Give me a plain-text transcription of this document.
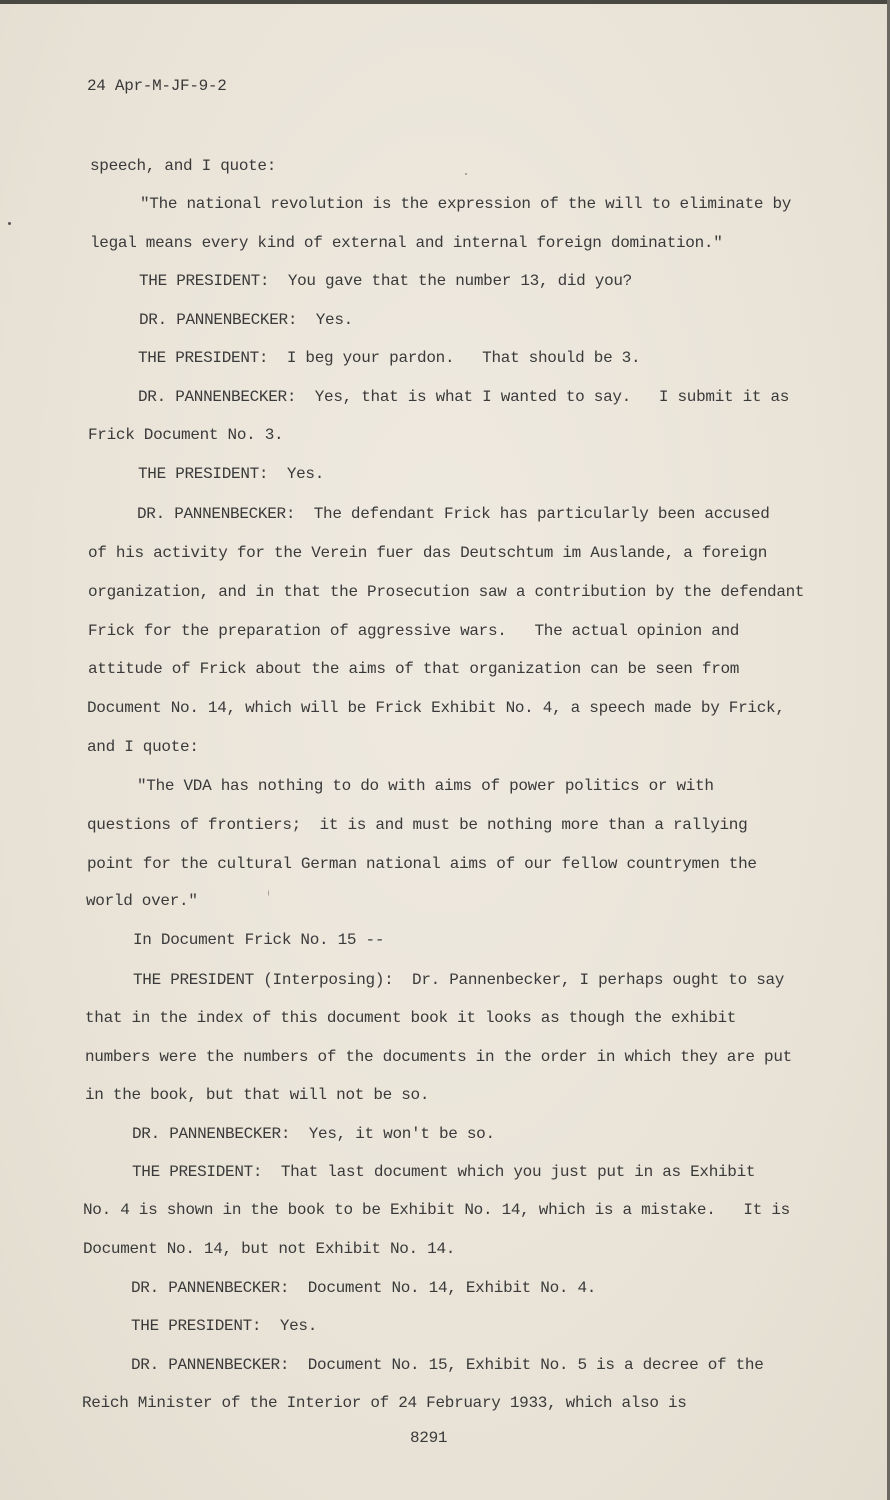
24 Apr-M-JF-9-2
speech, and I quote:
"The national revolution is the expression of the will to eliminate by
legal means every kind of external and internal foreign domination."
THE PRESIDENT:  You gave that the number 13, did you?
DR. PANNENBECKER:  Yes.
THE PRESIDENT:  I beg your pardon.   That should be 3.
DR. PANNENBECKER:  Yes, that is what I wanted to say.   I submit it as
Frick Document No. 3.
THE PRESIDENT:  Yes.
DR. PANNENBECKER:  The defendant Frick has particularly been accused
of his activity for the Verein fuer das Deutschtum im Auslande, a foreign
organization, and in that the Prosecution saw a contribution by the defendant
Frick for the preparation of aggressive wars.   The actual opinion and
attitude of Frick about the aims of that organization can be seen from
Document No. 14, which will be Frick Exhibit No. 4, a speech made by Frick,
and I quote:
"The VDA has nothing to do with aims of power politics or with
questions of frontiers;  it is and must be nothing more than a rallying
point for the cultural German national aims of our fellow countrymen the
world over."
In Document Frick No. 15 --
THE PRESIDENT (Interposing):  Dr. Pannenbecker, I perhaps ought to say
that in the index of this document book it looks as though the exhibit
numbers were the numbers of the documents in the order in which they are put
in the book, but that will not be so.
DR. PANNENBECKER:  Yes, it won't be so.
THE PRESIDENT:  That last document which you just put in as Exhibit
No. 4 is shown in the book to be Exhibit No. 14, which is a mistake.   It is
Document No. 14, but not Exhibit No. 14.
DR. PANNENBECKER:  Document No. 14, Exhibit No. 4.
THE PRESIDENT:  Yes.
DR. PANNENBECKER:  Document No. 15, Exhibit No. 5 is a decree of the
Reich Minister of the Interior of 24 February 1933, which also is
8291
